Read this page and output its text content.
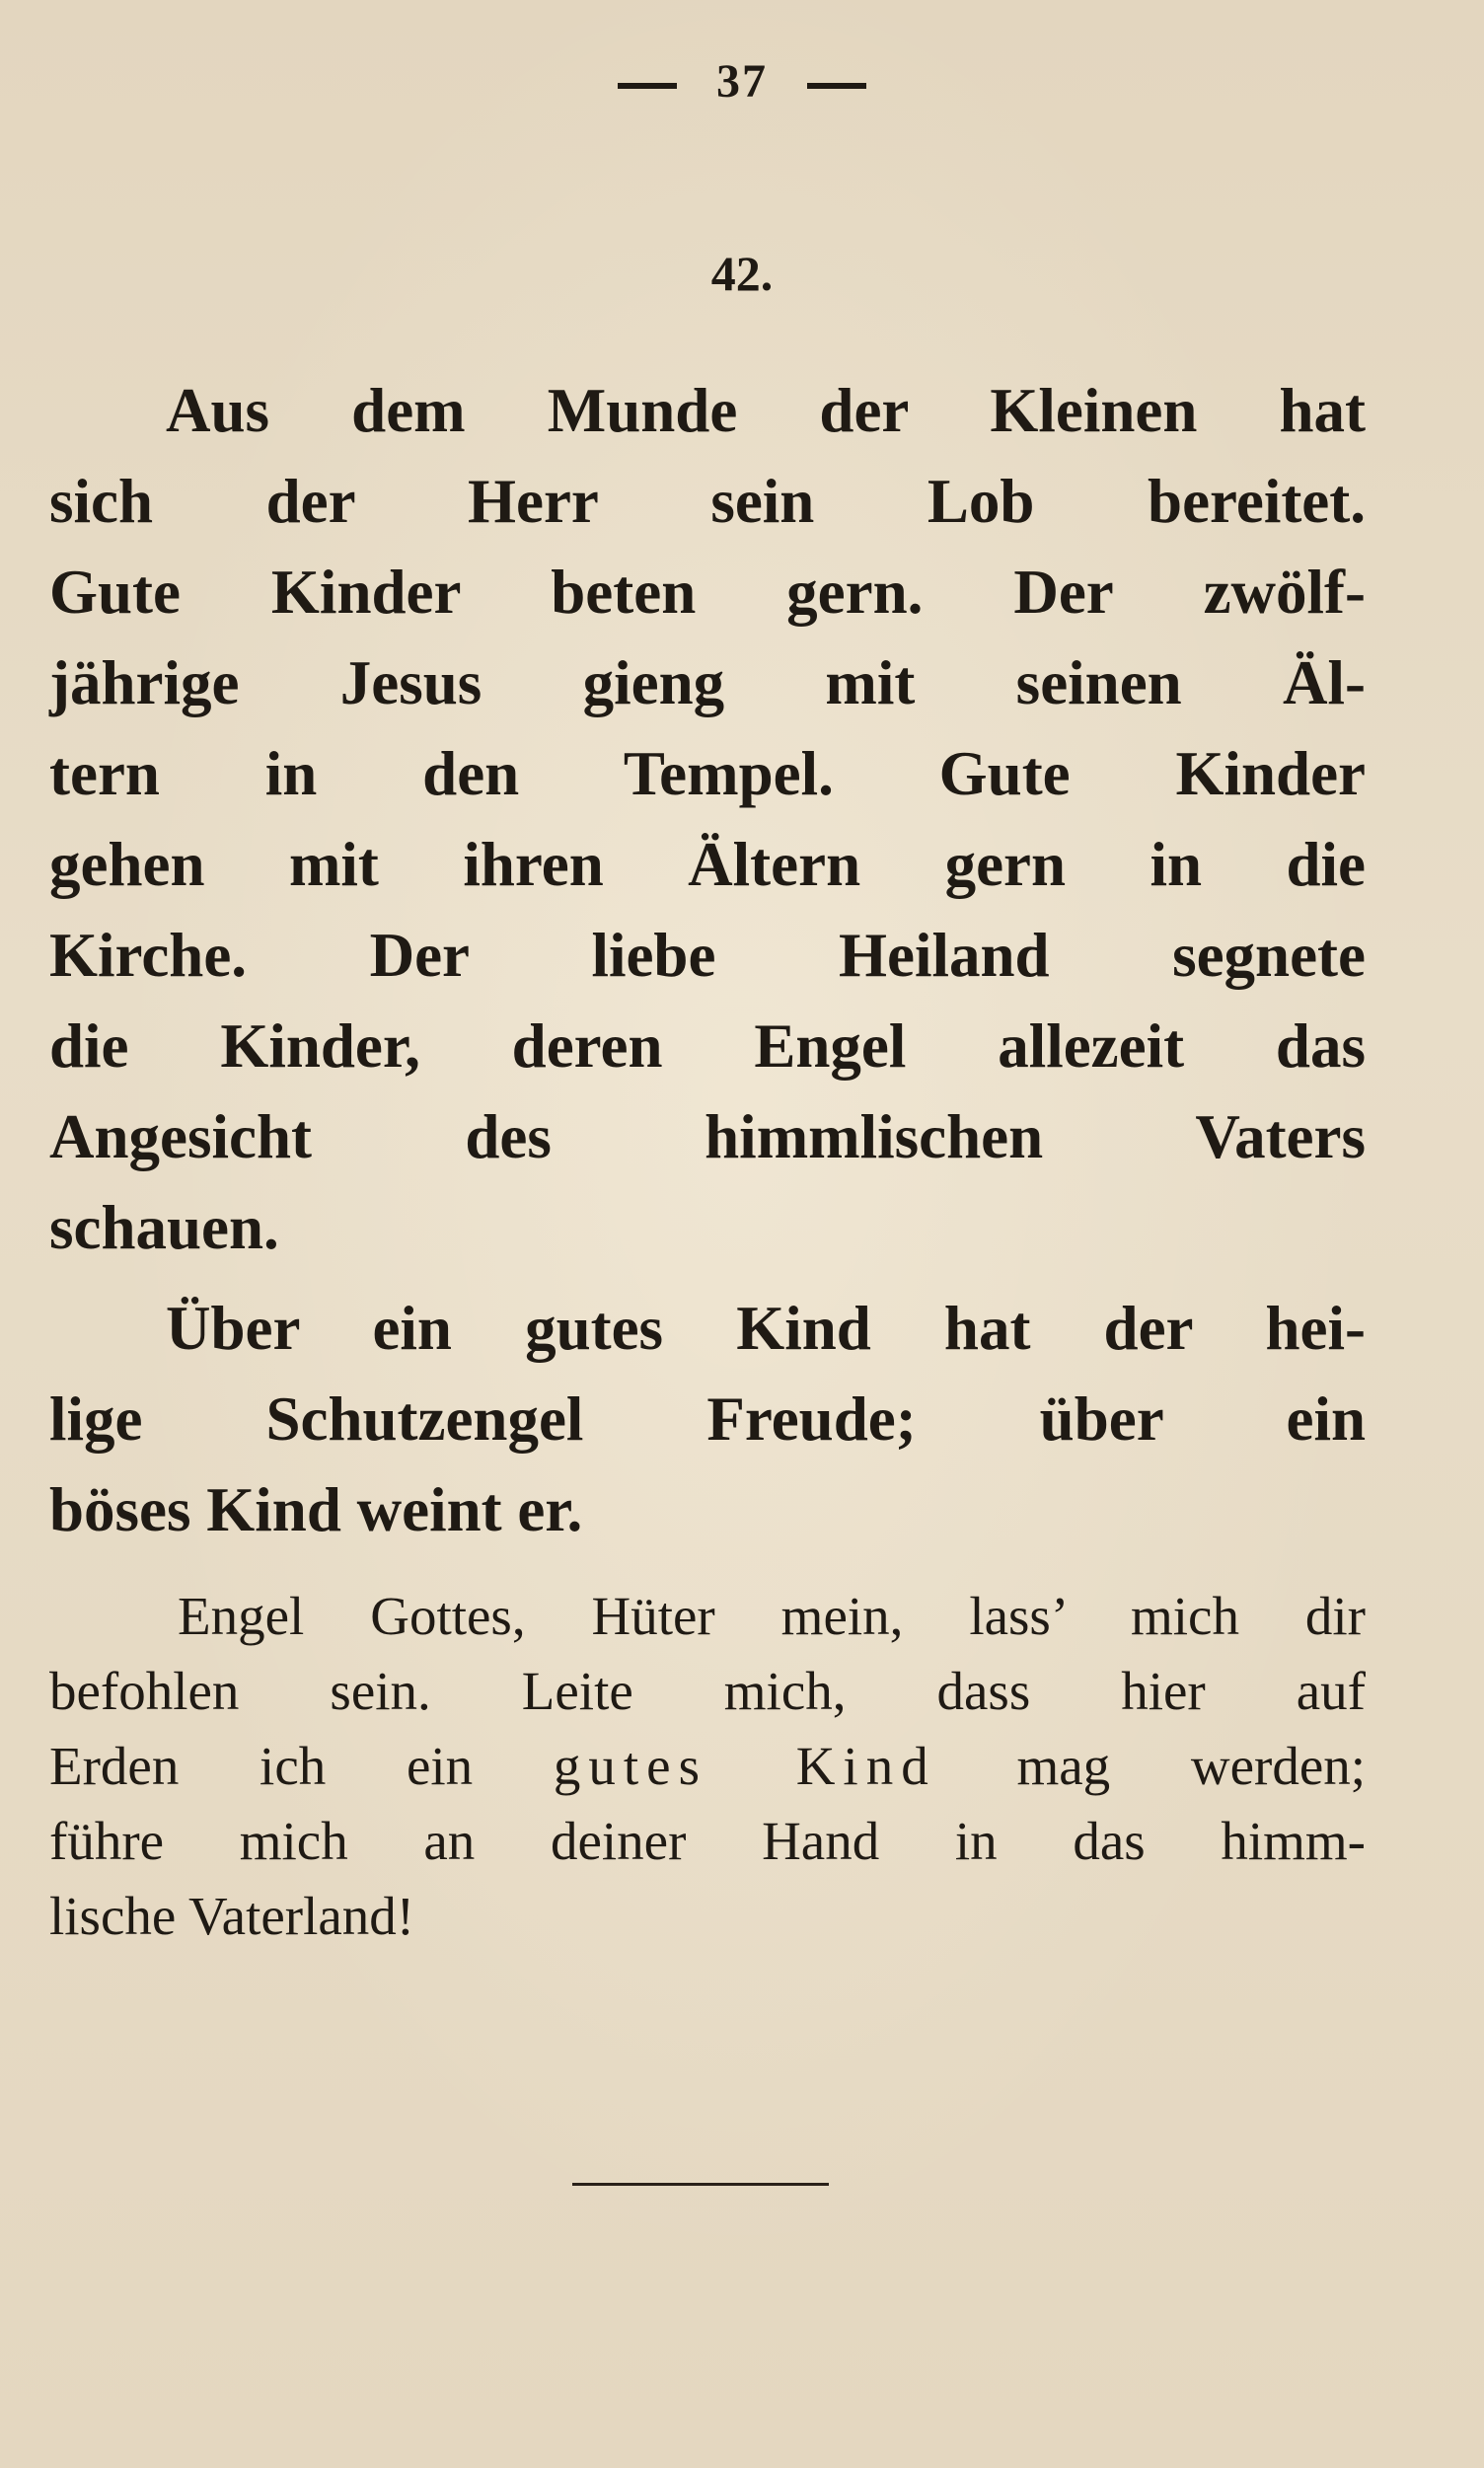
37
42.
Aus dem Munde der Kleinen hat
sich der Herr sein Lob bereitet.
Gute Kinder beten gern. Der zwölf-
jährige Jesus gieng mit seinen Äl-
tern in den Tempel. Gute Kinder
gehen mit ihren Ältern gern in die
Kirche. Der liebe Heiland segnete
die Kinder, deren Engel allezeit das
Angesicht des himmlischen Vaters
schauen.
Über ein gutes Kind hat der hei-
lige Schutzengel Freude; über ein
böses Kind weint er.
Engel Gottes, Hüter mein, lass’ mich dir
befohlen sein. Leite mich, dass hier auf
Erden ich ein gutes Kind mag werden;
führe mich an deiner Hand in das himm-
lische Vaterland!
